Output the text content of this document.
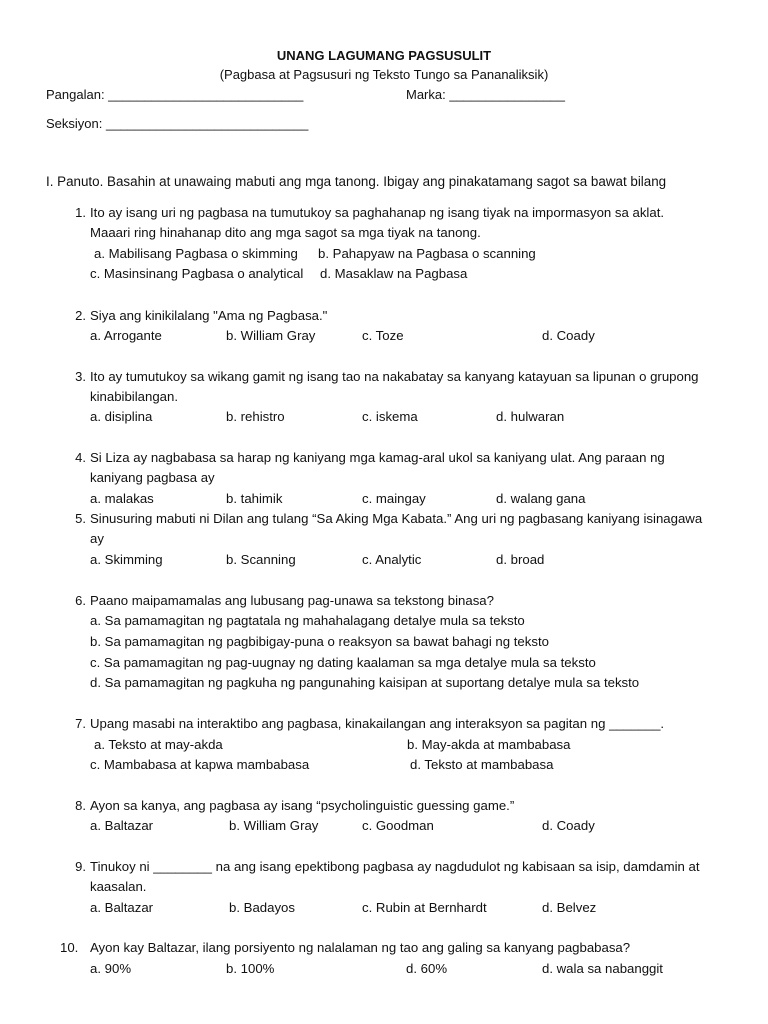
UNANG LAGUMANG PAGSUSULIT
(Pagbasa at Pagsusuri ng Teksto Tungo sa Pananaliksik)
Pangalan: ___________________________	Marka: ________________
Seksiyon: ____________________________
I. Panuto. Basahin at unawaing mabuti ang mga tanong. Ibigay ang pinakatamang sagot sa bawat bilang
1. Ito ay isang uri ng pagbasa na tumutukoy sa paghahanap ng isang tiyak na impormasyon sa aklat.
Maaari ring hinahanap dito ang mga sagot sa mga tiyak na tanong.
a. Mabilisang Pagbasa o skimming b. Pahapyaw na Pagbasa o scanning
c. Masinsinang Pagbasa o analytical d. Masaklaw na Pagbasa
2. Siya ang kinikilalang "Ama ng Pagbasa."
a. Arrogante	b. William Gray	c. Toze	d. Coady
3. Ito ay tumutukoy sa wikang gamit ng isang tao na nakabatay sa kanyang katayuan sa lipunan o grupong
kinabibilangan.
a. disiplina	b. rehistro	c. iskema	d. hulwaran
4. Si Liza ay nagbabasa sa harap ng kaniyang mga kamag-aral ukol sa kaniyang ulat. Ang paraan ng
kaniyang pagbasa ay
a. malakas	b. tahimik	c. maingay	d. walang gana
5. Sinusuring mabuti ni Dilan ang tulang “Sa Aking Mga Kabata.” Ang uri ng pagbasang kaniyang isinagawa
ay
a. Skimming	b. Scanning	c. Analytic	d. broad
6. Paano maipamamalas ang lubusang pag-unawa sa tekstong binasa?
a. Sa pamamagitan ng pagtatala ng mahahalagang detalye mula sa teksto
b. Sa pamamagitan ng pagbibigay-puna o reaksyon sa bawat bahagi ng teksto
c. Sa pamamagitan ng pag-uugnay ng dating kaalaman sa mga detalye mula sa teksto
d. Sa pamamagitan ng pagkuha ng pangunahing kaisipan at suportang detalye mula sa teksto
7. Upang masabi na interaktibo ang pagbasa, kinakailangan ang interaksyon sa pagitan ng _______.
a. Teksto at may-akda	b. May-akda at mambabasa
c. Mambabasa at kapwa mambabasa	d. Teksto at mambabasa
8. Ayon sa kanya, ang pagbasa ay isang “psycholinguistic guessing game.”
a. Baltazar	b. William Gray	c. Goodman	d. Coady
9. Tinukoy ni ________ na ang isang epektibong pagbasa ay nagdudulot ng kabisaan sa isip, damdamin at
kaasalan.
a. Baltazar	b. Badayos	c. Rubin at Bernhardt	d. Belvez
10. Ayon kay Baltazar, ilang porsiyento ng nalalaman ng tao ang galing sa kanyang pagbabasa?
a. 90%	b. 100%	d. 60%	d. wala sa nabanggit
